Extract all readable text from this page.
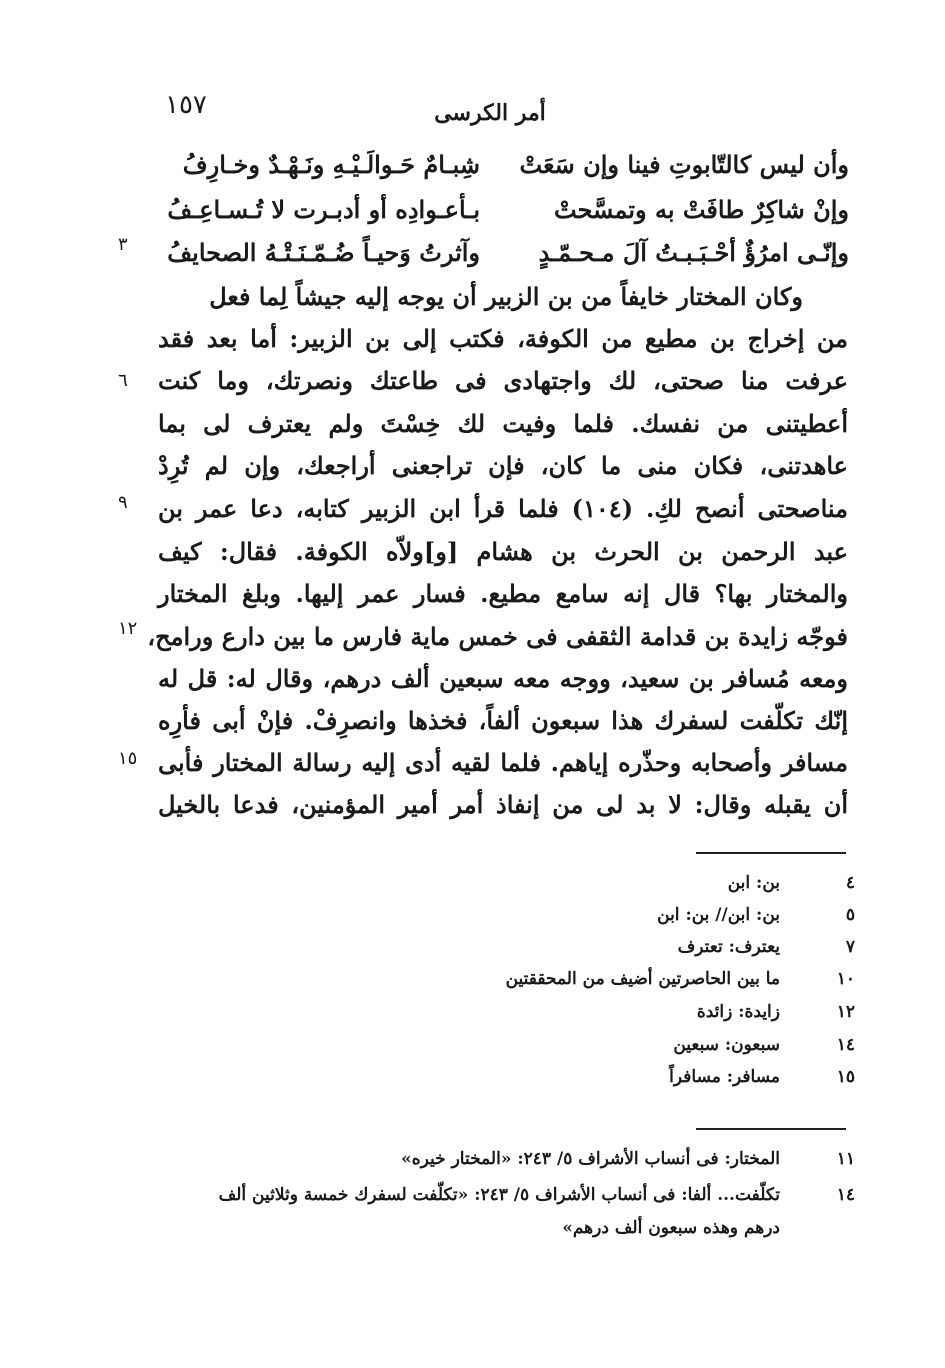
أمر الكرسى
١٥٧
وأن ليس كالتّابوتِ فينا وإن سَعَتْ
شِبـامٌ حَـوالَـيْـهِ ونَـهْـدٌ وخـارِفُ
وإنْ شاكِرٌ طافَتْ به وتمسَّحتْ
بـأعـوادِه أو أدبـرت لا تُـسـاعِـفُ
وإنّـى امرُؤٌ أحْـبَـبـتُ آلَ مـحـمّـدٍ
وآثرتُ وَحيـاً ضُـمّـنَـتْـهُ الصحايفُ
٣
٦
٩
١٢
١٥
وكان المختار خايفاً من بن الزبير أن يوجه إليه جيشاً لِما فعل
من إخراج بن مطيع من الكوفة، فكتب إلى بن الزبير: أما بعد فقد
عرفت منا صحتى، لك واجتهادى فى طاعتك ونصرتك، وما كنت
أعطيتنى من نفسك. فلما وفيت لك خِسْتَ ولم يعترف لى بما
عاهدتنى، فكان منى ما كان، فإن تراجعنى أراجعك، وإن لم تُرِدْ
مناصحتى أنصح لكِ. (١٠٤) فلما قرأ ابن الزبير كتابه، دعا عمر بن
عبد الرحمن بن الحرث بن هشام [و]ولاّه الكوفة. فقال: كيف
والمختار بها؟ قال إنه سامع مطيع. فسار عمر إليها. وبلغ المختار
فوجّه زايدة بن قدامة الثقفى فى خمس ماية فارس ما بين دارع ورامح،
ومعه مُسافر بن سعيد، ووجه معه سبعين ألف درهم، وقال له: قل له
إنّك تكلّفت لسفرك هذا سبعون ألفاً، فخذها وانصرِفْ. فإنْ أبى فأرِه
مسافر وأصحابه وحذّره إياهم. فلما لقيه أدى إليه رسالة المختار فأبى
أن يقبله وقال: لا بد لى من إنفاذ أمر أمير المؤمنين، فدعا بالخيل
٤
بن: ابن
٥
بن: ابن// بن: ابن
٧
يعترف: تعترف
١٠
ما بين الحاصرتين أضيف من المحققتين
١٢
زايدة: زائدة
١٤
سبعون: سبعين
١٥
مسافر: مسافراً
١١
المختار: فى أنساب الأشراف ٥/ ٢٤٣: «المختار خيره»
١٤
تكلّفت... ألفا: فى أنساب الأشراف ٥/ ٢٤٣: «تكلّفت لسفرك خمسة وثلاثين ألف
درهم وهذه سبعون ألف درهم»
